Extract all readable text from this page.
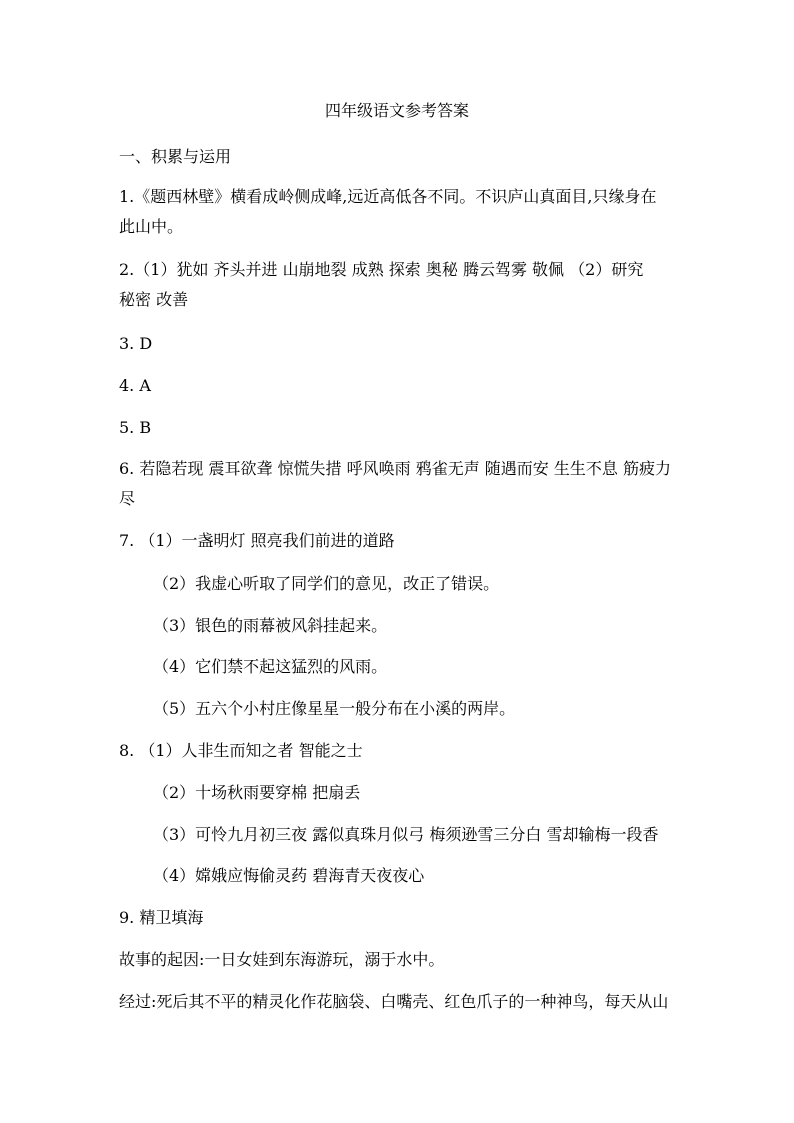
四年级语文参考答案
一、积累与运用
1.《题西林壁》横看成岭侧成峰,远近高低各不同。不识庐山真面目,只缘身在
此山中。
2.（1）犹如 齐头并进 山崩地裂 成熟 探索 奥秘 腾云驾雾 敬佩 （2）研究
秘密 改善
3. D
4. A
5. B
6. 若隐若现 震耳欲聋 惊慌失措 呼风唤雨 鸦雀无声 随遇而安 生生不息 筋疲力
尽
7. （1）一盏明灯 照亮我们前进的道路
（2）我虚心听取了同学们的意见，改正了错误。
（3）银色的雨幕被风斜挂起来。
（4）它们禁不起这猛烈的风雨。
（5）五六个小村庄像星星一般分布在小溪的两岸。
8. （1）人非生而知之者 智能之士
（2）十场秋雨要穿棉 把扇丢
（3）可怜九月初三夜 露似真珠月似弓 梅须逊雪三分白 雪却输梅一段香
（4）嫦娥应悔偷灵药 碧海青天夜夜心
9. 精卫填海
故事的起因:一日女娃到东海游玩，溺于水中。
经过:死后其不平的精灵化作花脑袋、白嘴壳、红色爪子的一种神鸟，每天从山
